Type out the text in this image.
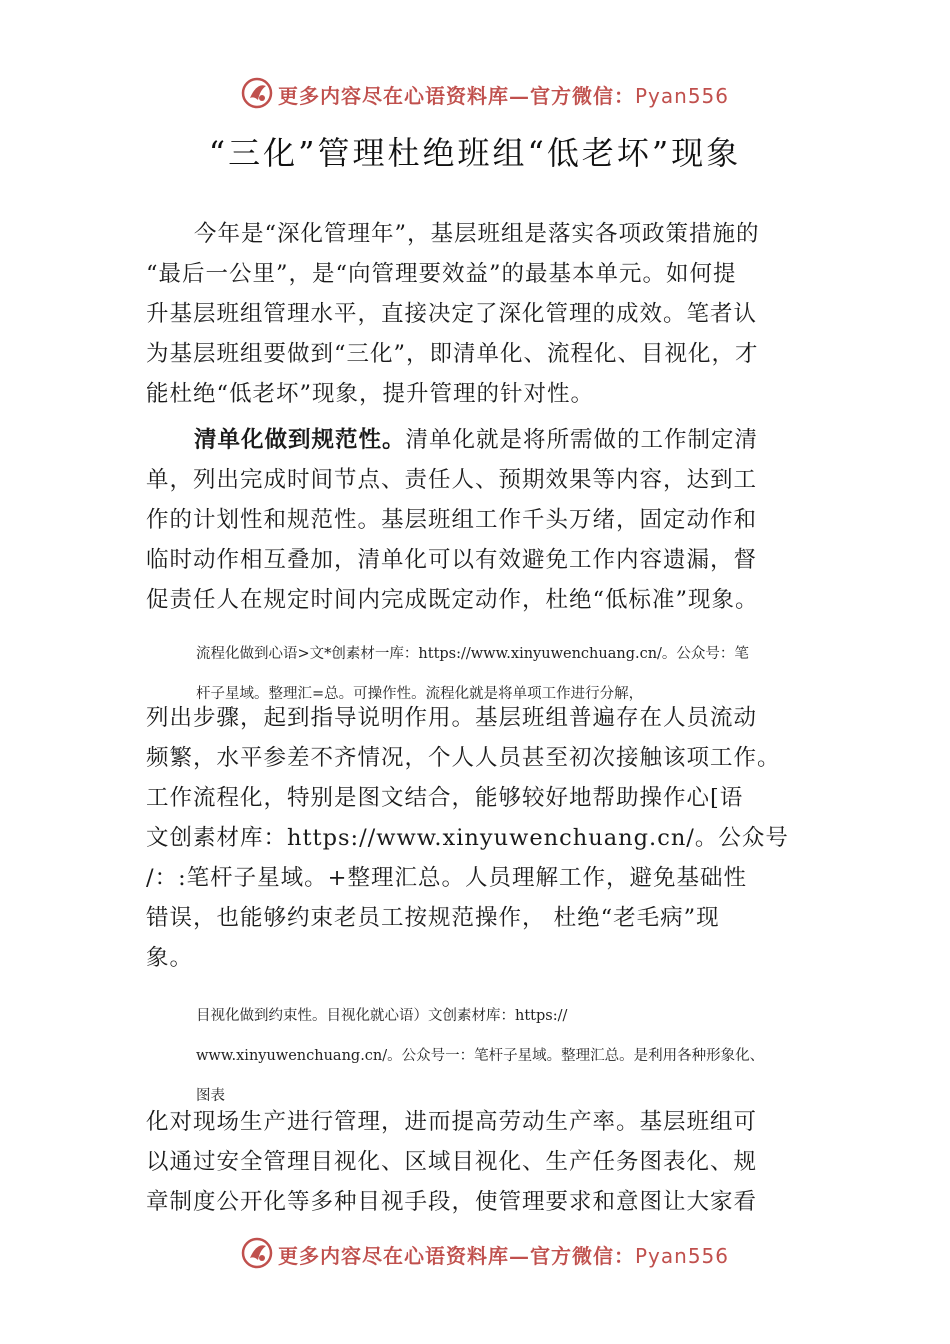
更多内容尽在心语资料库—官方微信：Pyan556
“三化”管理杜绝班组“低老坏”现象
今年是“深化管理年”，基层班组是落实各项政策措施的
“最后一公里”，是“向管理要效益”的最基本单元。如何提
升基层班组管理水平，直接决定了深化管理的成效。笔者认
为基层班组要做到“三化”，即清单化、流程化、目视化，才
能杜绝“低老坏”现象，提升管理的针对性。
清单化做到规范性。清单化就是将所需做的工作制定清
单，列出完成时间节点、责任人、预期效果等内容，达到工
作的计划性和规范性。基层班组工作千头万绪，固定动作和
临时动作相互叠加，清单化可以有效避免工作内容遗漏，督
促责任人在规定时间内完成既定动作，杜绝“低标准”现象。
流程化做到心语>文*创素材一库：https://www.xinyuwenchuang.cn/。公众号：笔
杆子星域。整理汇=总。可操作性。流程化就是将单项工作进行分解，
列出步骤，起到指导说明作用。基层班组普遍存在人员流动
频繁，水平参差不齐情况，个人人员甚至初次接触该项工作。
工作流程化，特别是图文结合，能够较好地帮助操作心[语
文创素材库：https://www.xinyuwenchuang.cn/。公众号
/：:笔杆子星域。+整理汇总。人员理解工作，避免基础性
错误，也能够约束老员工按规范操作， 杜绝“老毛病”现
象。
目视化做到约束性。目视化就心语）文创素材库：https://
www.xinyuwenchuang.cn/。公众号一：笔杆子星域。整理汇总。是利用各种形象化、
图表
化对现场生产进行管理，进而提高劳动生产率。基层班组可
以通过安全管理目视化、区域目视化、生产任务图表化、规
章制度公开化等多种目视手段，使管理要求和意图让大家看
更多内容尽在心语资料库—官方微信：Pyan556
